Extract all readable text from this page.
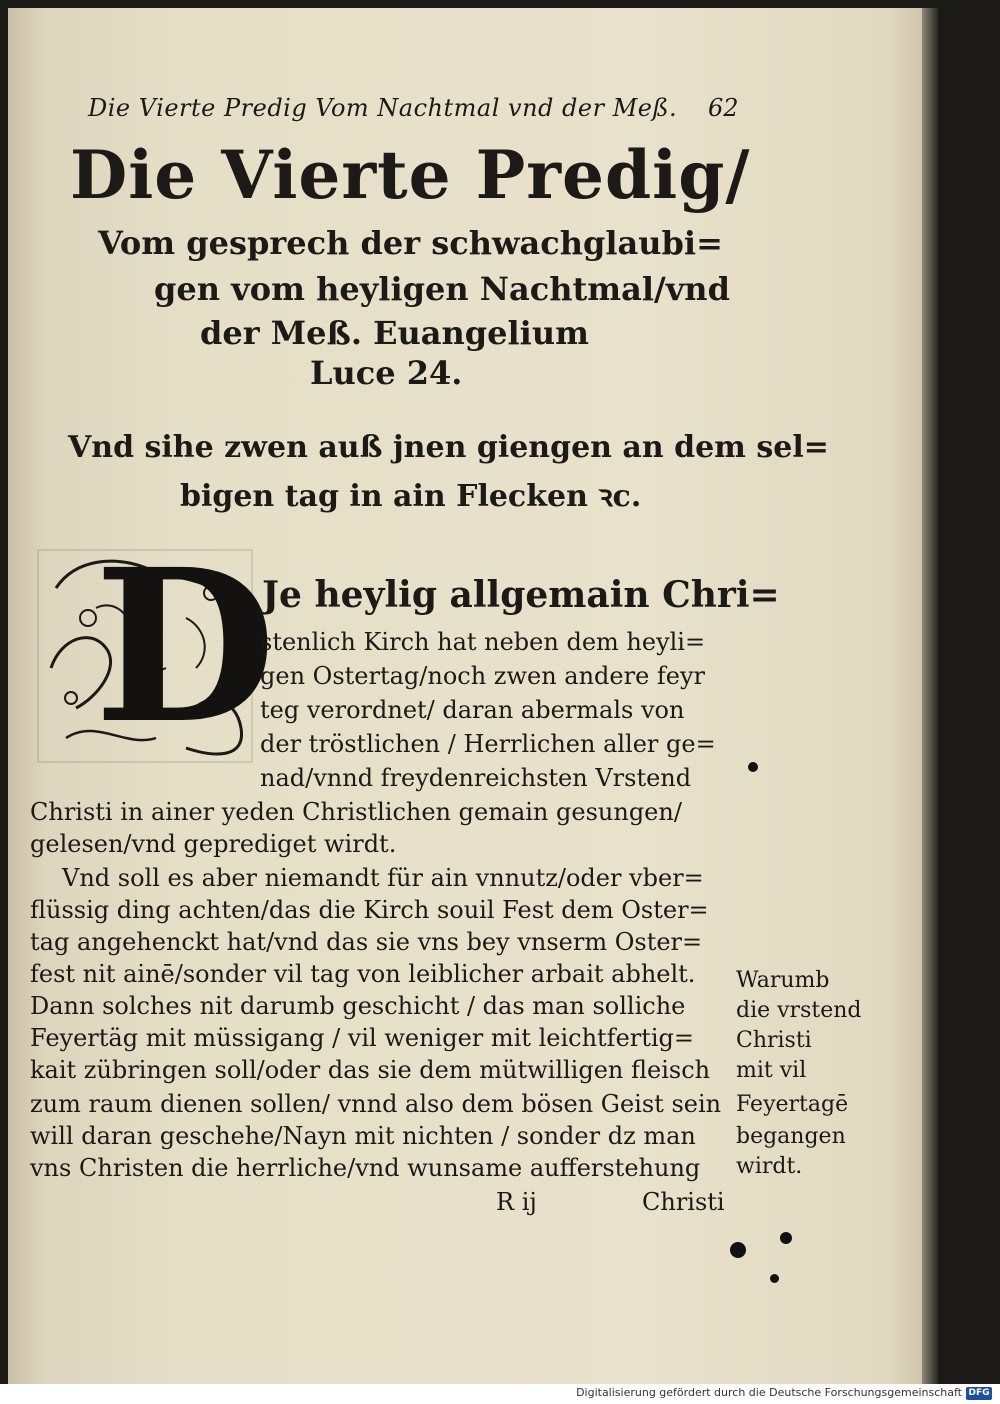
Die Vierte Predig Vom Nachtmal vnd der Meß. 62
Die Vierte Predig/
Vom gesprech der schwachglaubi=
gen vom heyligen Nachtmal/vnd
der Meß. Euangelium
Luce 24.
Vnd sihe zwen auß jnen giengen an dem sel=
bigen tag in ain Flecken ꝛc.
D
Je heylig allgemain Chri=
stenlich Kirch hat neben dem heyli=
gen Ostertag/noch zwen andere feyr
teg verordnet/ daran abermals von
der tröstlichen / Herrlichen aller ge=
nad/vnnd freydenreichsten Vrstend
Christi in ainer yeden Christlichen gemain gesungen/
gelesen/vnd geprediget wirdt.
Vnd soll es aber niemandt für ain vnnutz/oder vber=
flüssig ding achten/das die Kirch souil Fest dem Oster=
tag angehenckt hat/vnd das sie vns bey vnserm Oster=
fest nit ainē/sonder vil tag von leiblicher arbait abhelt.
Dann solches nit darumb geschicht / das man solliche
Feyertäg mit müssigang / vil weniger mit leichtfertig=
kait zübringen soll/oder das sie dem mütwilligen fleisch
zum raum dienen sollen/ vnnd also dem bösen Geist sein
will daran geschehe/Nayn mit nichten / sonder dz man
vns Christen die herrliche/vnd wunsame aufferstehung
R ij	Christi
Warumb
die vrstend
Christi
mit vil
Feyertagē
begangen
wirdt.
Digitalisierung gefördert durch die Deutsche Forschungsgemeinschaft DFG
